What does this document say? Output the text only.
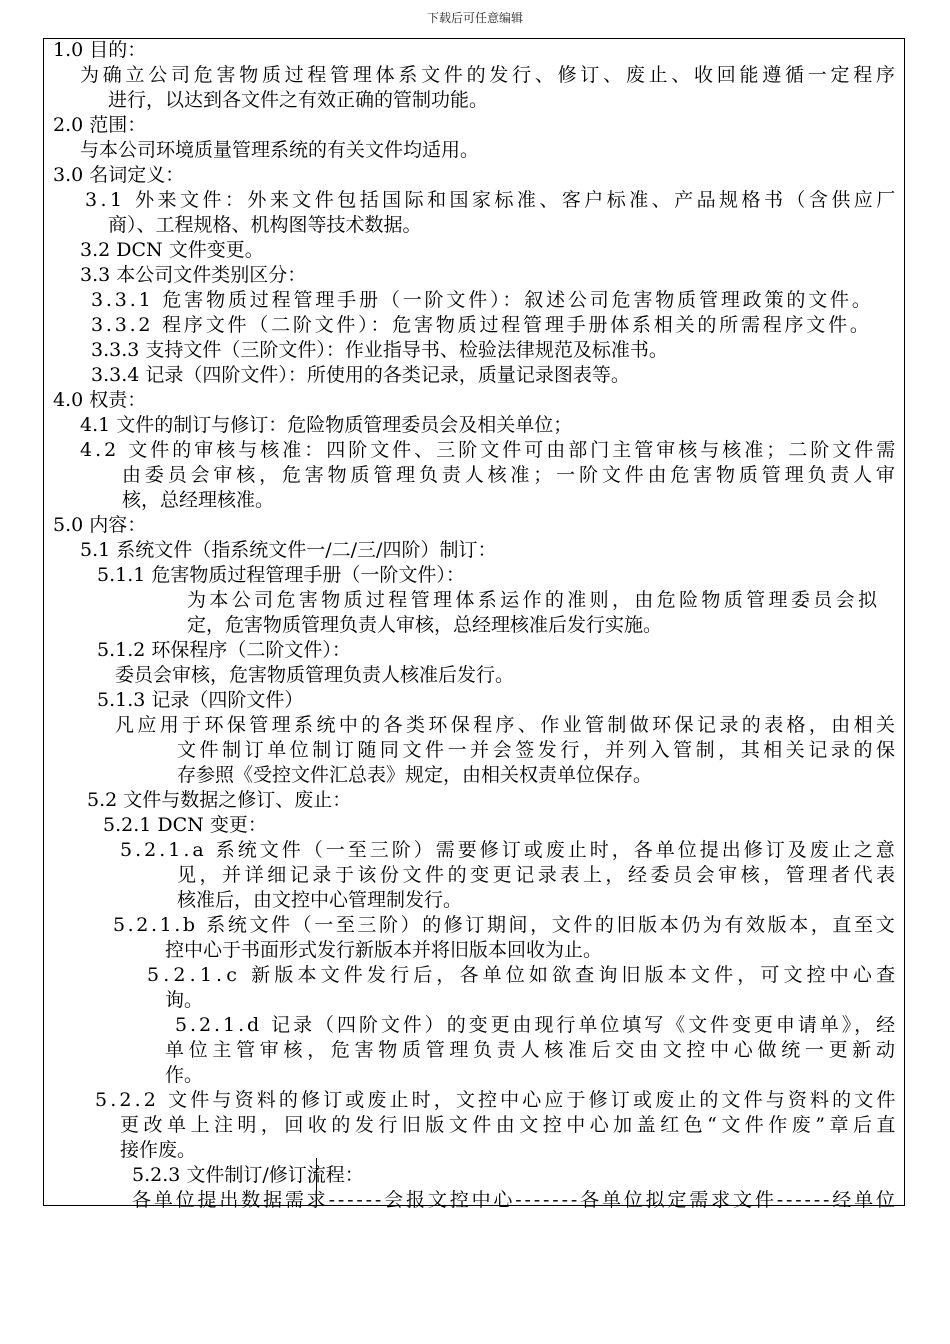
下载后可任意编辑
1.0 目的：
为确立公司危害物质过程管理体系文件的发行、修订、废止、收回能遵循一定程序
进行，以达到各文件之有效正确的管制功能。
2.0 范围：
与本公司环境质量管理系统的有关文件均适用。
3.0 名词定义：
3.1 外来文件：外来文件包括国际和国家标准、客户标准、产品规格书（含供应厂
商）、工程规格、机构图等技术数据。
3.2 DCN 文件变更。
3.3 本公司文件类别区分：
3.3.1 危害物质过程管理手册（一阶文件）：叙述公司危害物质管理政策的文件。
3.3.2 程序文件（二阶文件）：危害物质过程管理手册体系相关的所需程序文件。
3.3.3 支持文件（三阶文件）：作业指导书、检验法律规范及标准书。
3.3.4 记录（四阶文件）：所使用的各类记录，质量记录图表等。
4.0 权责：
4.1 文件的制订与修订：危险物质管理委员会及相关单位；
4.2 文件的审核与核准：四阶文件、三阶文件可由部门主管审核与核准；二阶文件需
由委员会审核，危害物质管理负责人核准；一阶文件由危害物质管理负责人审
核，总经理核准。
5.0 内容：
5.1 系统文件（指系统文件一/二/三/四阶）制订：
5.1.1 危害物质过程管理手册（一阶文件）：
为本公司危害物质过程管理体系运作的准则，由危险物质管理委员会拟
定，危害物质管理负责人审核，总经理核准后发行实施。
5.1.2 环保程序（二阶文件）：
委员会审核，危害物质管理负责人核准后发行。
5.1.3 记录（四阶文件）
凡应用于环保管理系统中的各类环保程序、作业管制做环保记录的表格，由相关
文件制订单位制订随同文件一并会签发行，并列入管制，其相关记录的保
存参照《受控文件汇总表》规定，由相关权责单位保存。
5.2 文件与数据之修订、废止：
5.2.1 DCN 变更：
5.2.1.a 系统文件（一至三阶）需要修订或废止时，各单位提出修订及废止之意
见，并详细记录于该份文件的变更记录表上，经委员会审核，管理者代表
核准后，由文控中心管理制发行。
5.2.1.b 系统文件（一至三阶）的修订期间，文件的旧版本仍为有效版本，直至文
控中心于书面形式发行新版本并将旧版本回收为止。
5.2.1.c 新版本文件发行后，各单位如欲查询旧版本文件，可文控中心查
询。
5.2.1.d 记录（四阶文件）的变更由现行单位填写《文件变更申请单》，经
单位主管审核，危害物质管理负责人核准后交由文控中心做统一更新动
作。
5.2.2 文件与资料的修订或废止时，文控中心应于修订或废止的文件与资料的文件
更改单上注明，回收的发行旧版文件由文控中心加盖红色“文件作废”章后直
接作废。
5.2.3 文件制订/修订流程：
各单位提出数据需求------会报文控中心-------各单位拟定需求文件------经单位
